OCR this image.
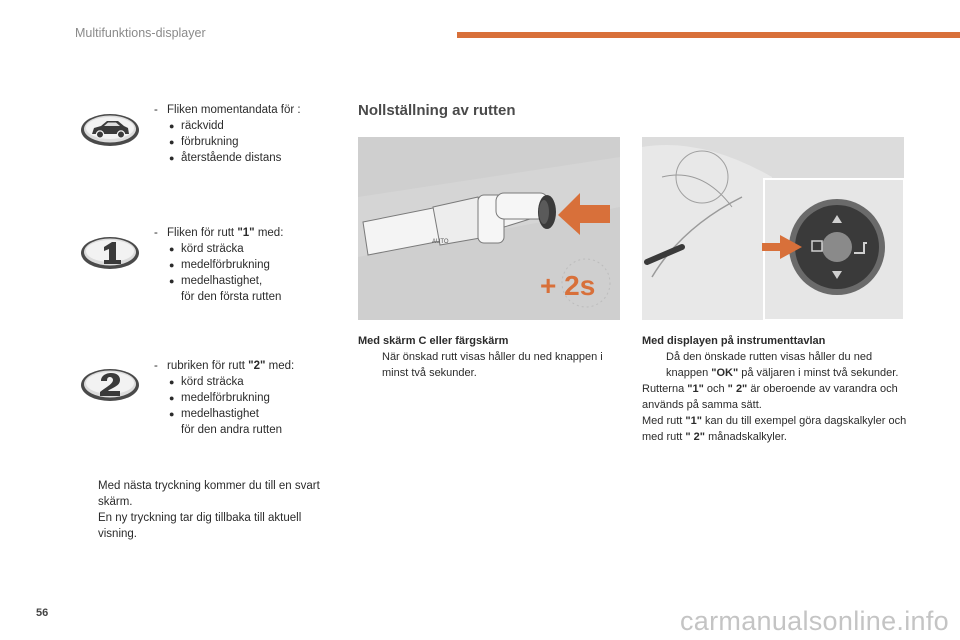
Multifunktions-displayer
- Fliken momentandata för :
● räckvidd
● förbrukning
● återstående distans
- Fliken för rutt "1" med:
● körd sträcka
● medelförbrukning
● medelhastighet,
för den första rutten
- rubriken för rutt "2" med:
● körd sträcka
● medelförbrukning
● medelhastighet
för den andra rutten
Med nästa tryckning kommer du till en svart skärm.
En ny tryckning tar dig tillbaka till aktuell visning.
Nollställning av rutten
AUTO
+ 2s
Med skärm C eller färgskärm
När önskad rutt visas håller du ned knappen i minst två sekunder.
Med displayen på instrumenttavlan
Då den önskade rutten visas håller du ned knappen "OK" på väljaren i minst två sekunder.
Rutterna "1" och " 2" är oberoende av varandra och används på samma sätt.
Med rutt "1" kan du till exempel göra dagskalkyler och med rutt " 2" månadskalkyler.
56	carmanualsonline.info
